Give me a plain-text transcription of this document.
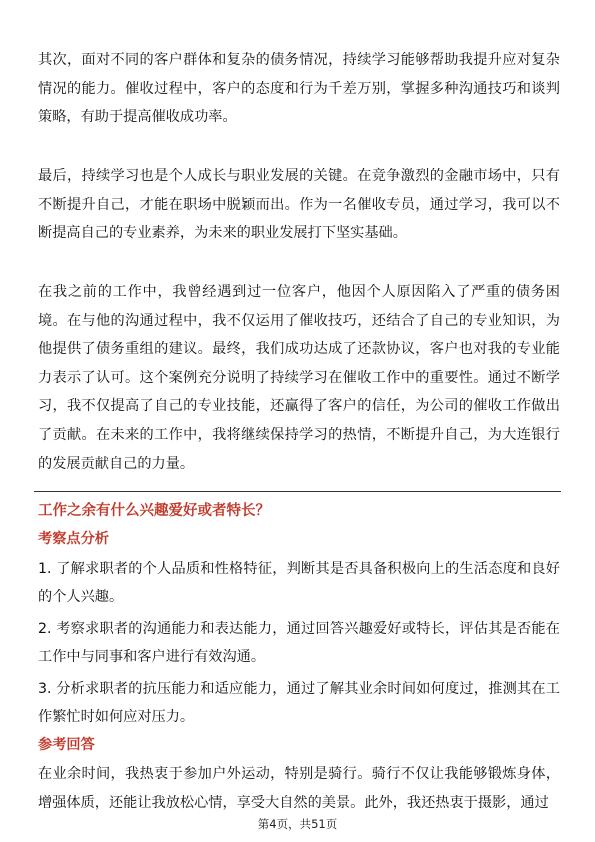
其次，面对不同的客户群体和复杂的债务情况，持续学习能够帮助我提升应对复杂情况的能力。催收过程中，客户的态度和行为千差万别，掌握多种沟通技巧和谈判策略，有助于提高催收成功率。

最后，持续学习也是个人成长与职业发展的关键。在竞争激烈的金融市场中，只有不断提升自己，才能在职场中脱颖而出。作为一名催收专员，通过学习，我可以不断提高自己的专业素养，为未来的职业发展打下坚实基础。

在我之前的工作中，我曾经遇到过一位客户，他因个人原因陷入了严重的债务困境。在与他的沟通过程中，我不仅运用了催收技巧，还结合了自己的专业知识，为他提供了债务重组的建议。最终，我们成功达成了还款协议，客户也对我的专业能力表示了认可。这个案例充分说明了持续学习在催收工作中的重要性。通过不断学习，我不仅提高了自己的专业技能，还赢得了客户的信任，为公司的催收工作做出了贡献。在未来的工作中，我将继续保持学习的热情，不断提升自己，为大连银行的发展贡献自己的力量。

工作之余有什么兴趣爱好或者特长？
考察点分析
1. 了解求职者的个人品质和性格特征，判断其是否具备积极向上的生活态度和良好的个人兴趣。
2. 考察求职者的沟通能力和表达能力，通过回答兴趣爱好或特长，评估其是否能在工作中与同事和客户进行有效沟通。
3. 分析求职者的抗压能力和适应能力，通过了解其业余时间如何度过，推测其在工作繁忙时如何应对压力。
参考回答

在业余时间，我热衷于参加户外运动，特别是骑行。骑行不仅让我能够锻炼身体，增强体质，还能让我放松心情，享受大自然的美景。此外，我还热衷于摄影，通过

第4页，共51页
